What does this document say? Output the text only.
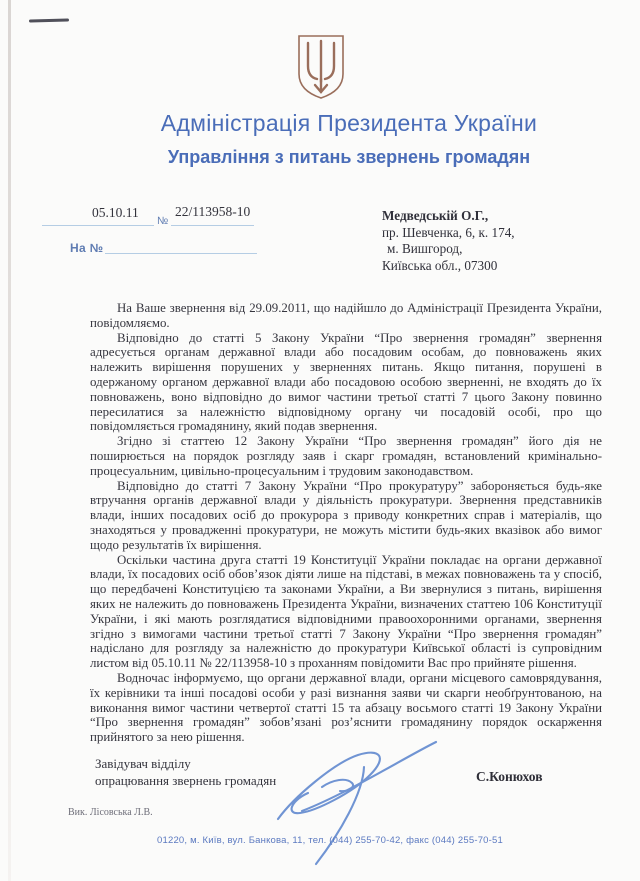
Адміністрація Президента України
Управління з питань звернень громадян
05.10.11
№
22/113958-10
На №
Медведській О.Г.,
пр. Шевченка, 6, к. 174,
м. Вишгород,
Київська обл., 07300

На Ваше звернення від 29.09.2011, що надійшло до Адміністрації Президента України, повідомляємо.

Відповідно до статті 5 Закону України “Про звернення громадян” звернення адресується органам державної влади або посадовим особам, до повноважень яких належить вирішення порушених у зверненнях питань. Якщо питання, порушені в одержаному органом державної влади або посадовою особою зверненні, не входять до їх повноважень, воно відповідно до вимог частини третьої статті 7 цього Закону повинно пересилатися за належністю відповідному органу чи посадовій особі, про що повідомляється громадянину, який подав звернення.

Згідно зі статтею 12 Закону України “Про звернення громадян” його дія не поширюється на порядок розгляду заяв і скарг громадян, встановлений кримінально-процесуальним, цивільно-процесуальним і трудовим законодавством.

Відповідно до статті 7 Закону України “Про прокуратуру” забороняється будь-яке втручання органів державної влади у діяльність прокуратури. Звернення представників влади, інших посадових осіб до прокурора з приводу конкретних справ і матеріалів, що знаходяться у провадженні прокуратури, не можуть містити будь-яких вказівок або вимог щодо результатів їх вирішення.

Оскільки частина друга статті 19 Конституції України покладає на органи державної влади, їх посадових осіб обов’язок діяти лише на підставі, в межах повноважень та у спосіб, що передбачені Конституцією та законами України, а Ви звернулися з питань, вирішення яких не належить до повноважень Президента України, визначених статтею 106 Конституції України, і які мають розглядатися відповідними правоохоронними органами, звернення згідно з вимогами частини третьої статті 7 Закону України “Про звернення громадян” надіслано для розгляду за належністю до прокуратури Київської області із супровідним листом від 05.10.11 № 22/113958-10 з проханням повідомити Вас про прийняте рішення.

Водночас інформуємо, що органи державної влади, органи місцевого самоврядування, їх керівники та інші посадові особи у разі визнання заяви чи скарги необґрунтованою, на виконання вимог частини четвертої статті 15 та абзацу восьмого статті 19 Закону України “Про звернення громадян” зобов’язані роз’яснити громадянину порядок оскарження прийнятого за нею рішення.

Завідувач відділу
опрацювання звернень громадян	С.Конюхов
Вик. Лісовська Л.В.
01220, м. Київ, вул. Банкова, 11, тел. (044) 255-70-42, факс (044) 255-70-51
